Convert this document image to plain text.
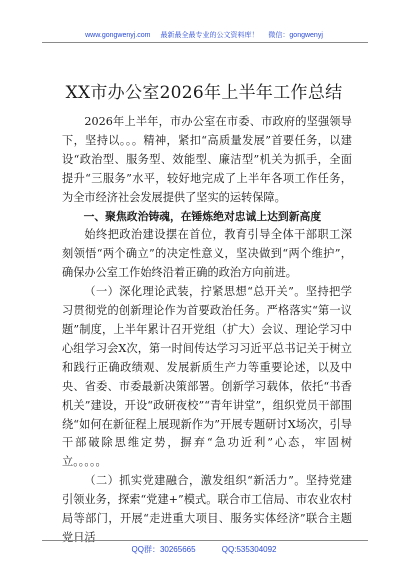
www.gongwenyj.com 最新最全最专业的公文资料库！ 微信：gongwenyj
XX市办公室2026年上半年工作总结

2026年上半年，市办公室在市委、市政府的坚强领导下，坚持以。。。精神，紧扣“高质量发展”首要任务，以建设“政治型、服务型、效能型、廉洁型”机关为抓手，全面提升“三服务”水平，较好地完成了上半年各项工作任务，为全市经济社会发展提供了坚实的运转保障。

一、聚焦政治铸魂，在锤炼绝对忠诚上达到新高度

始终把政治建设摆在首位，教育引导全体干部职工深刻领悟“两个确立”的决定性意义，坚决做到“两个维护”，确保办公室工作始终沿着正确的政治方向前进。

（一）深化理论武装，拧紧思想“总开关”。坚持把学习贯彻党的创新理论作为首要政治任务。严格落实“第一议题”制度，上半年累计召开党组（扩大）会议、理论学习中心组学习会X次，第一时间传达学习习近平总书记关于树立和践行正确政绩观、发展新质生产力等重要论述，以及中央、省委、市委最新决策部署。创新学习载体，依托“书香机关”建设，开设“政研夜校”“青年讲堂”，组织党员干部围绕“如何在新征程上展现新作为”开展专题研讨X场次，引导干部破除思维定势，摒弃“急功近利”心态，牢固树立。。。。。

（二）抓实党建融合，激发组织“新活力”。坚持党建引领业务，探索“党建+”模式。联合市工信局、市农业农村局等部门，开展“走进重大项目、服务实体经济”联合主题党日活

QQ群：30265665	QQ:535304092
